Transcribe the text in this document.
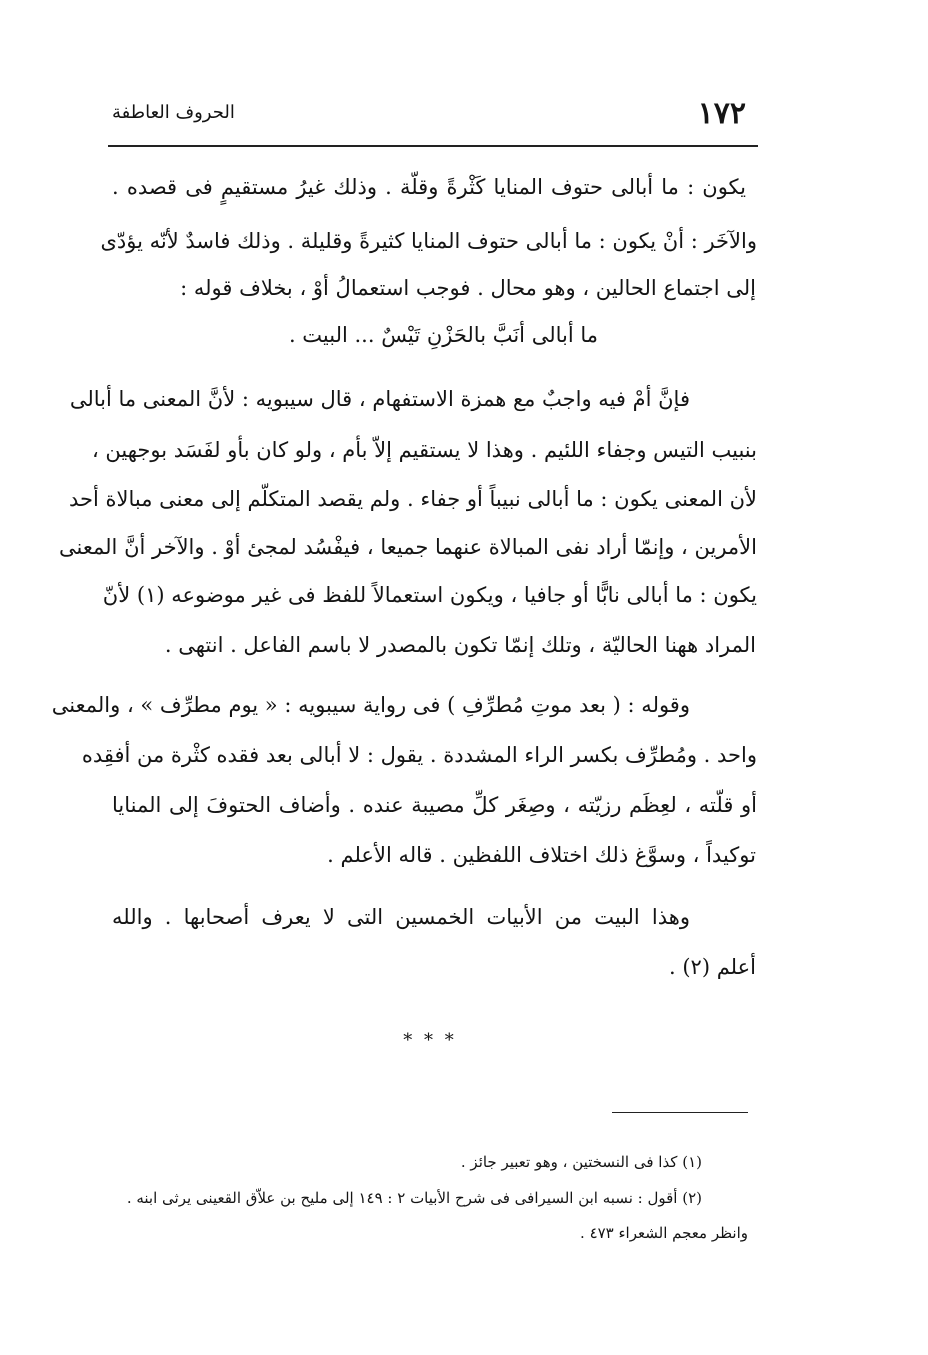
١٧٢
الحروف العاطفة
يكون : ما أبالى حتوف المنايا كَثْرةً وقلّة . وذلك غيرُ مستقيمٍ فى قصده .
والآخَر : أنْ يكون : ما أبالى حتوف المنايا كثيرةً وقليلة . وذلك فاسدٌ لأنّه يؤدّى
إلى اجتماع الحالين ، وهو محال . فوجب استعمالُ أوْ ، بخلاف قوله :
ما أبالى أنَبَّ بالحَزْنِ تَيْسٌ ... البيت .
فإنَّ أمْ فيه واجبٌ مع همزة الاستفهام ، قال سيبويه : لأنَّ المعنى ما أبالى
بنبيب التيس وجفاء اللئيم . وهذا لا يستقيم إلاّ بأم ، ولو كان بأو لفَسَد بوجهين ،
لأن المعنى يكون : ما أبالى نبيباً أو جفاء . ولم يقصد المتكلّم إلى معنى مبالاة أحد
الأمرين ، وإنمّا أراد نفى المبالاة عنهما جميعا ، فيفْسُد لمجئ أوْ . والآخر أنَّ المعنى
يكون : ما أبالى نابًّا أو جافيا ، ويكون استعمالاً للفظ فى غير موضوعه (١) لأنّ
المراد ههنا الحاليّة ، وتلك إنمّا تكون بالمصدر لا باسم الفاعل . انتهى .
وقوله : ( بعد موتِ مُطرِّفِ ) فى رواية سيبويه : « يوم مطرِّف » ، والمعنى
واحد . ومُطرِّف بكسر الراء المشددة . يقول : لا أبالى بعد فقده كثْرة من أفقِده
أو قلّته ، لعِظَم رزيّته ، وصِغَر كلِّ مصيبة عنده . وأضاف الحتوفَ إلى المنايا
توكيداً ، وسوَّغ ذلك اختلاف اللفظين . قاله الأعلم .
وهذا البيت من الأبيات الخمسين التى لا يعرف أصحابها . والله
أعلم (٢) .
* * *
(١) كذا فى النسختين ، وهو تعبير جائز .
(٢) أقول : نسبه ابن السيرافى فى شرح الأبيات ٢ : ١٤٩ إلى مليح بن علاّق القعينى يرثى ابنه .
وانظر معجم الشعراء ٤٧٣ .
